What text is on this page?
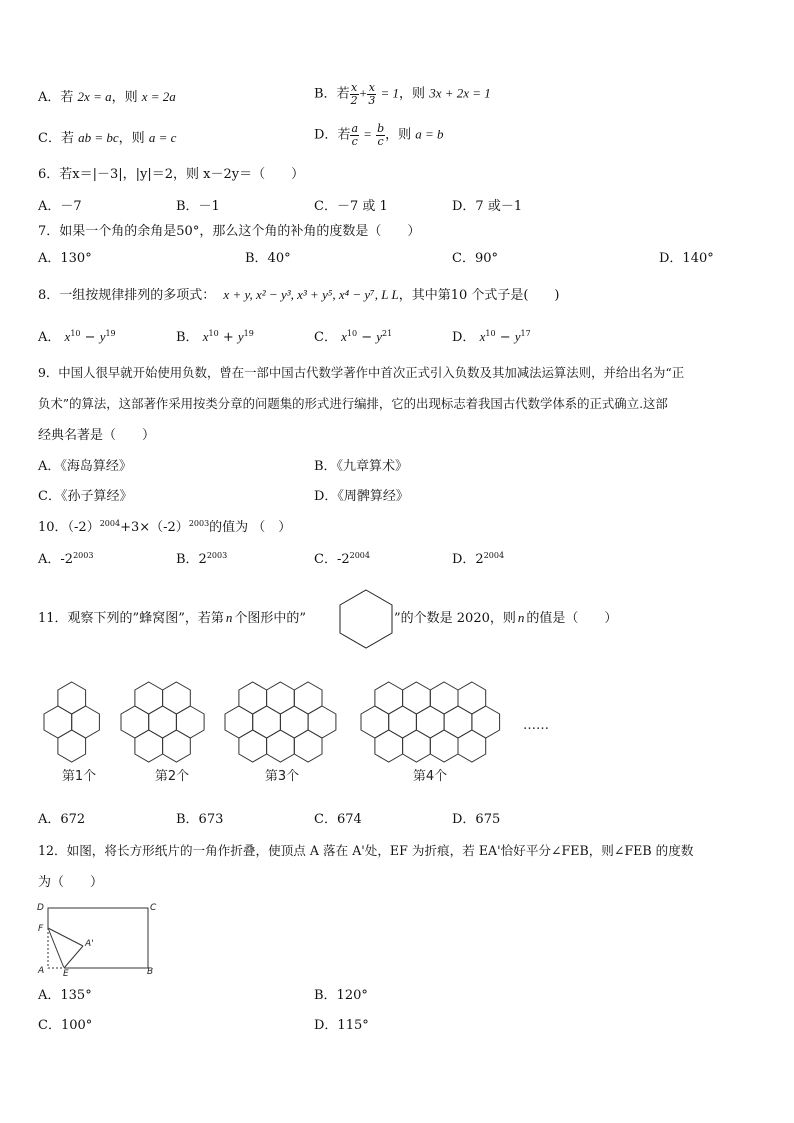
A．若 2x = a，则 x = 2a	B．若 $\frac{x}{2} + \frac{x}{3} = 1$，则 3x + 2x = 1
C．若 ab = bc，则 a = c	D．若 $\frac{a}{c} = \frac{b}{c}$ ，则 a = b
6．若x＝|－3|，|y|＝2，则 x－2y＝（　　）
A．－7	B．－1	C．－7 或 1	D．7 或－1
7．如果一个角的余角是50°，那么这个角的补角的度数是（　　）
A．130°	B．40°	C．90°	D．140°
8．一组按规律排列的多项式： x + y, x² − y³, x³ + y⁵, x⁴ − y⁷, L L，其中第10 个式子是(　　)
A． $x^{10} - y^{19}$	B． $x^{10} + y^{19}$	C． $x^{10} - y^{21}$	D． $x^{10} - y^{17}$
9．中国人很早就开始使用负数，曾在一部中国古代数学著作中首次正式引入负数及其加减法运算法则，并给出名为“正
负术”的算法，这部著作采用按类分章的问题集的形式进行编排，它的出现标志着我国古代数学体系的正式确立.这部
经典名著是（　　）
A．《海岛算经》	B．《九章算术》
C．《孙子算经》	D．《周髀算经》
10．$(-2)^{2004}+3\times(-2)^{2003}$的值为 （　）
A．$-2^{2003}$	B．$2^{2003}$	C．$-2^{2004}$	D．$2^{2004}$
11．观察下列的”蜂窝图”，若第 n 个图形中的”	”的个数是 2020，则 n 的值是（　　）
第1个	第2个	第3个	第4个
……
A．672	B．673	C．674	D．675
12．如图，将长方形纸片的一角作折叠，使顶点 A 落在 A'处，EF 为折痕，若 EA'恰好平分∠FEB，则∠FEB 的度数
为（　　）
D	C
F
A'
A E	B
A．135°	B．120°
C．100°	D．115°
